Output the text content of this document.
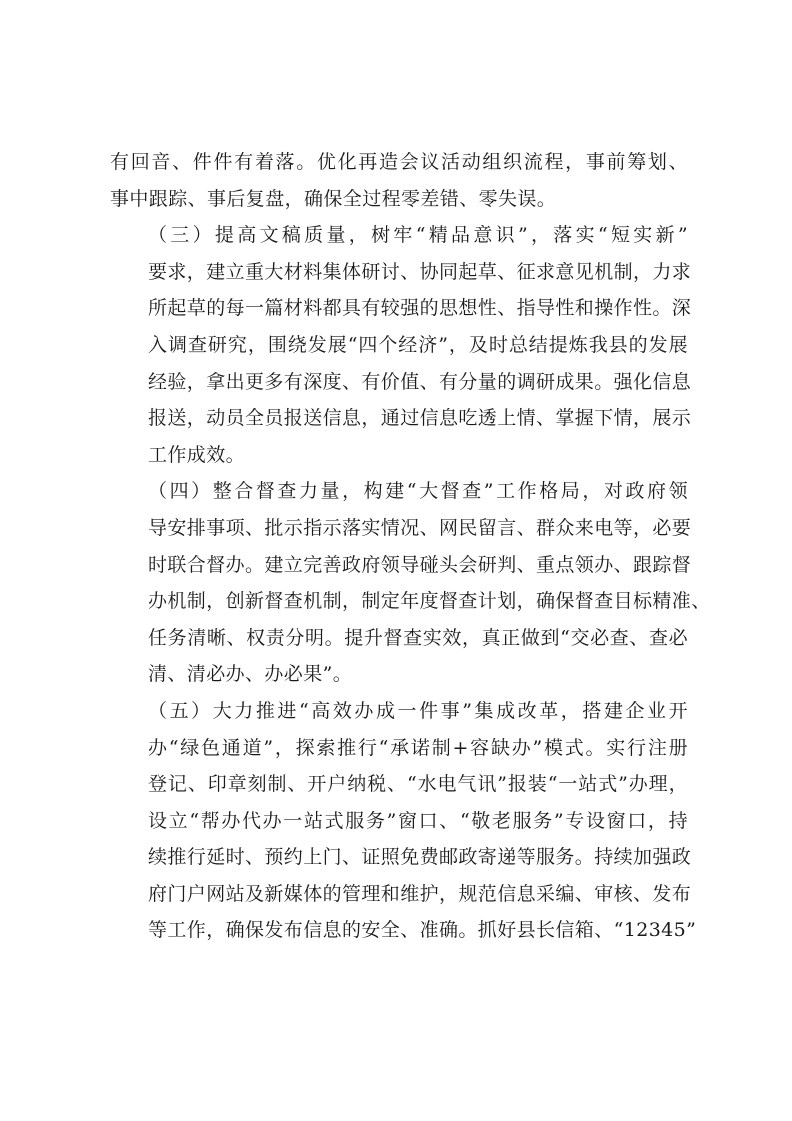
有回音、件件有着落。优化再造会议活动组织流程，事前筹划、
事中跟踪、事后复盘，确保全过程零差错、零失误。
（三）提高文稿质量，树牢“精品意识”，落实“短实新”
要求，建立重大材料集体研讨、协同起草、征求意见机制，力求
所起草的每一篇材料都具有较强的思想性、指导性和操作性。深
入调查研究，围绕发展“四个经济”，及时总结提炼我县的发展
经验，拿出更多有深度、有价值、有分量的调研成果。强化信息
报送，动员全员报送信息，通过信息吃透上情、掌握下情，展示
工作成效。
（四）整合督查力量，构建“大督查”工作格局，对政府领
导安排事项、批示指示落实情况、网民留言、群众来电等，必要
时联合督办。建立完善政府领导碰头会研判、重点领办、跟踪督
办机制，创新督查机制，制定年度督查计划，确保督查目标精准、
任务清晰、权责分明。提升督查实效，真正做到“交必查、查必
清、清必办、办必果”。
（五）大力推进“高效办成一件事”集成改革，搭建企业开
办“绿色通道”，探索推行“承诺制+容缺办”模式。实行注册
登记、印章刻制、开户纳税、“水电气讯”报装“一站式”办理，
设立“帮办代办一站式服务”窗口、“敬老服务”专设窗口，持
续推行延时、预约上门、证照免费邮政寄递等服务。持续加强政
府门户网站及新媒体的管理和维护，规范信息采编、审核、发布
等工作，确保发布信息的安全、准确。抓好县长信箱、“12345”
